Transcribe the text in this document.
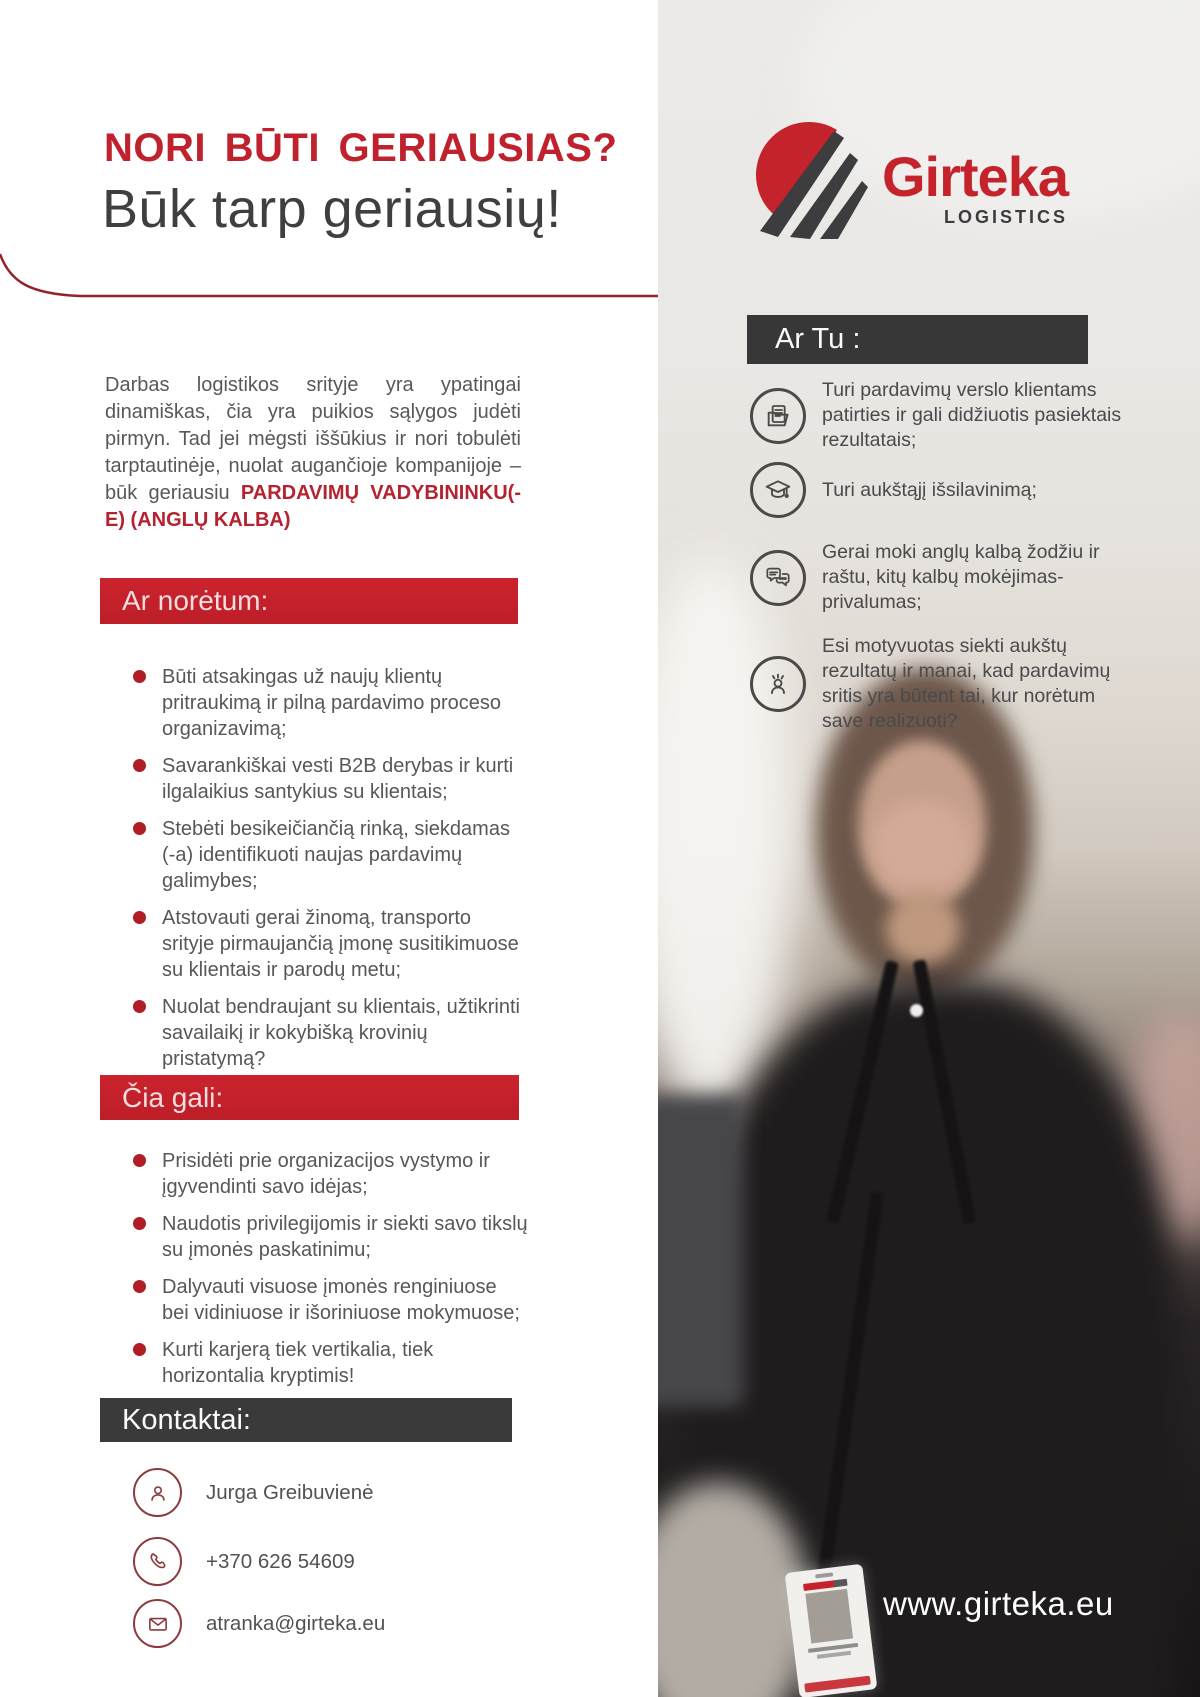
NORI BŪTI GERIAUSIAS?
Būk tarp geriausių!

Darbas logistikos srityje yra ypatingai dinamiškas, čia yra puikios sąlygos judėti pirmyn. Tad jei mėgsti iššūkius ir nori tobulėti tarptautinėje, nuolat augančioje kompanijoje – būk geriausiu PARDAVIMŲ VADYBININKU(-E) (ANGLŲ KALBA)

Ar norėtum:
Būti atsakingas už naujų klientų pritraukimą ir pilną pardavimo proceso organizavimą;
Savarankiškai vesti B2B derybas ir kurti ilgalaikius santykius su klientais;
Stebėti besikeičiančią rinką, siekdamas (-a) identifikuoti naujas pardavimų galimybes;
Atstovauti gerai žinomą, transporto srityje pirmaujančią įmonę susitikimuose su klientais ir parodų metu;
Nuolat bendraujant su klientais, užtikrinti savailaikį ir kokybišką krovinių pristatymą?
Čia gali:
Prisidėti prie organizacijos vystymo ir įgyvendinti savo idėjas;
Naudotis privilegijomis ir siekti savo tikslų su įmonės paskatinimu;
Dalyvauti visuose įmonės renginiuose bei vidiniuose ir išoriniuose mokymuose;
Kurti karjerą tiek vertikalia, tiek horizontalia kryptimis!
Kontaktai:
Jurga Greibuvienė
+370 626 54609
atranka@girteka.eu
Girteka
LOGISTICS
Ar Tu :
Turi pardavimų verslo klientams patirties ir gali didžiuotis pasiektais rezultatais;
Turi aukštąjį išsilavinimą;
Gerai moki anglų kalbą žodžiu ir raštu, kitų kalbų mokėjimas- privalumas;
Esi motyvuotas siekti aukštų rezultatų ir manai, kad pardavimų sritis yra būtent tai, kur norėtum save realizuoti?
www.girteka.eu
